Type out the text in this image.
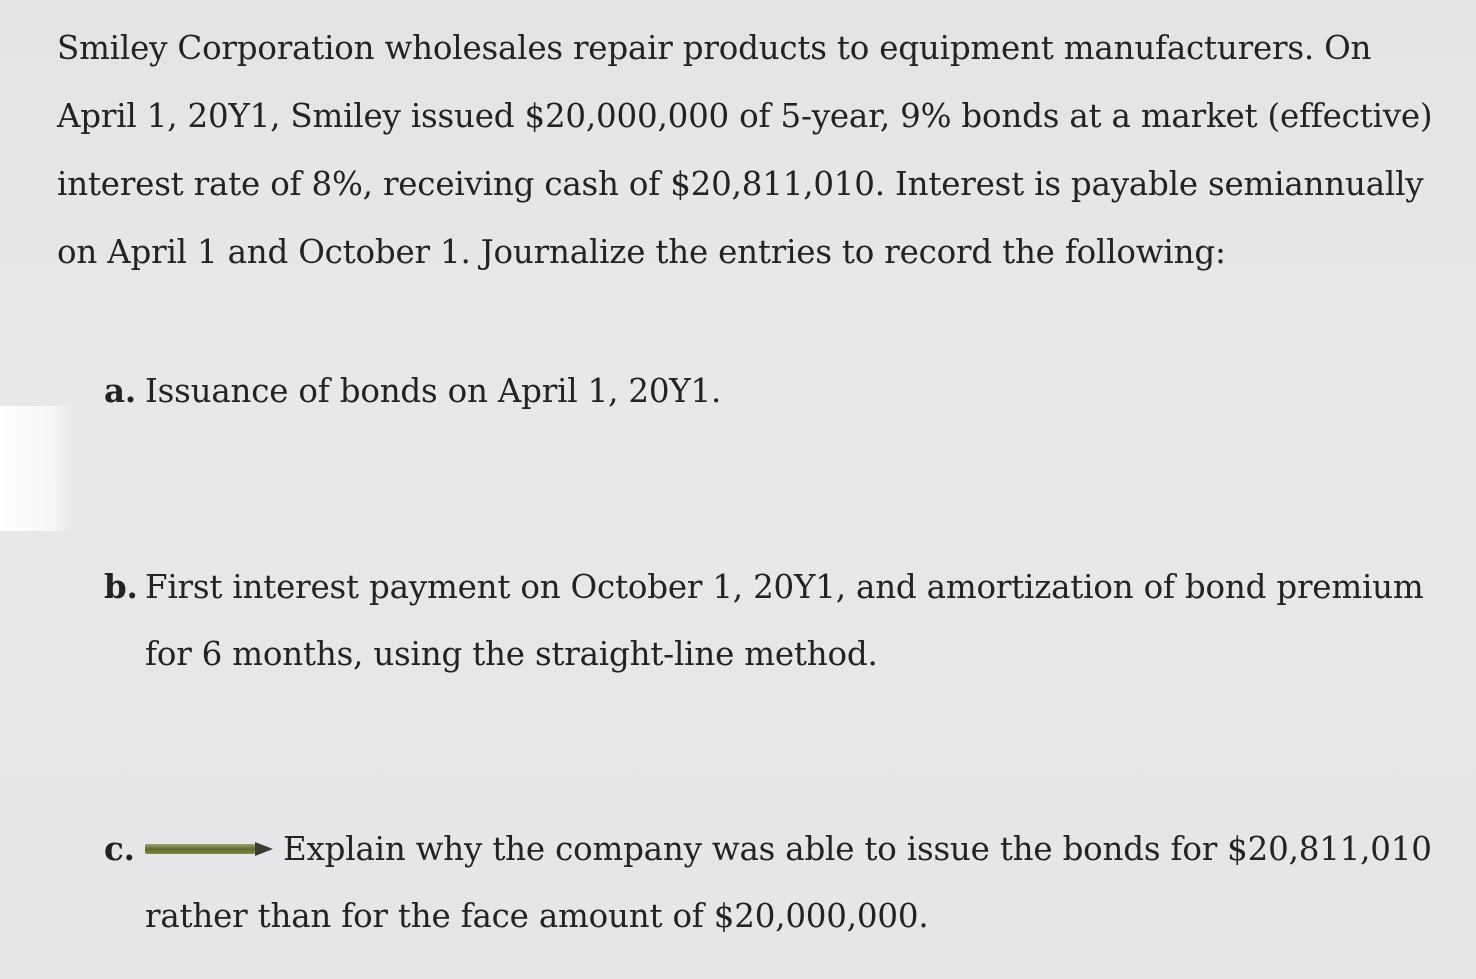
Smiley Corporation wholesales repair products to equipment manufacturers. On April 1, 20Y1, Smiley issued $20,000,000 of 5-year, 9% bonds at a market (effective) interest rate of 8%, receiving cash of $20,811,010. Interest is payable semiannually on April 1 and October 1. Journalize the entries to record the following:

a. Issuance of bonds on April 1, 20Y1.
b. First interest payment on October 1, 20Y1, and amortization of bond premium
for 6 months, using the straight-line method.
c.	Explain why the company was able to issue the bonds for $20,811,010
rather than for the face amount of $20,000,000.
